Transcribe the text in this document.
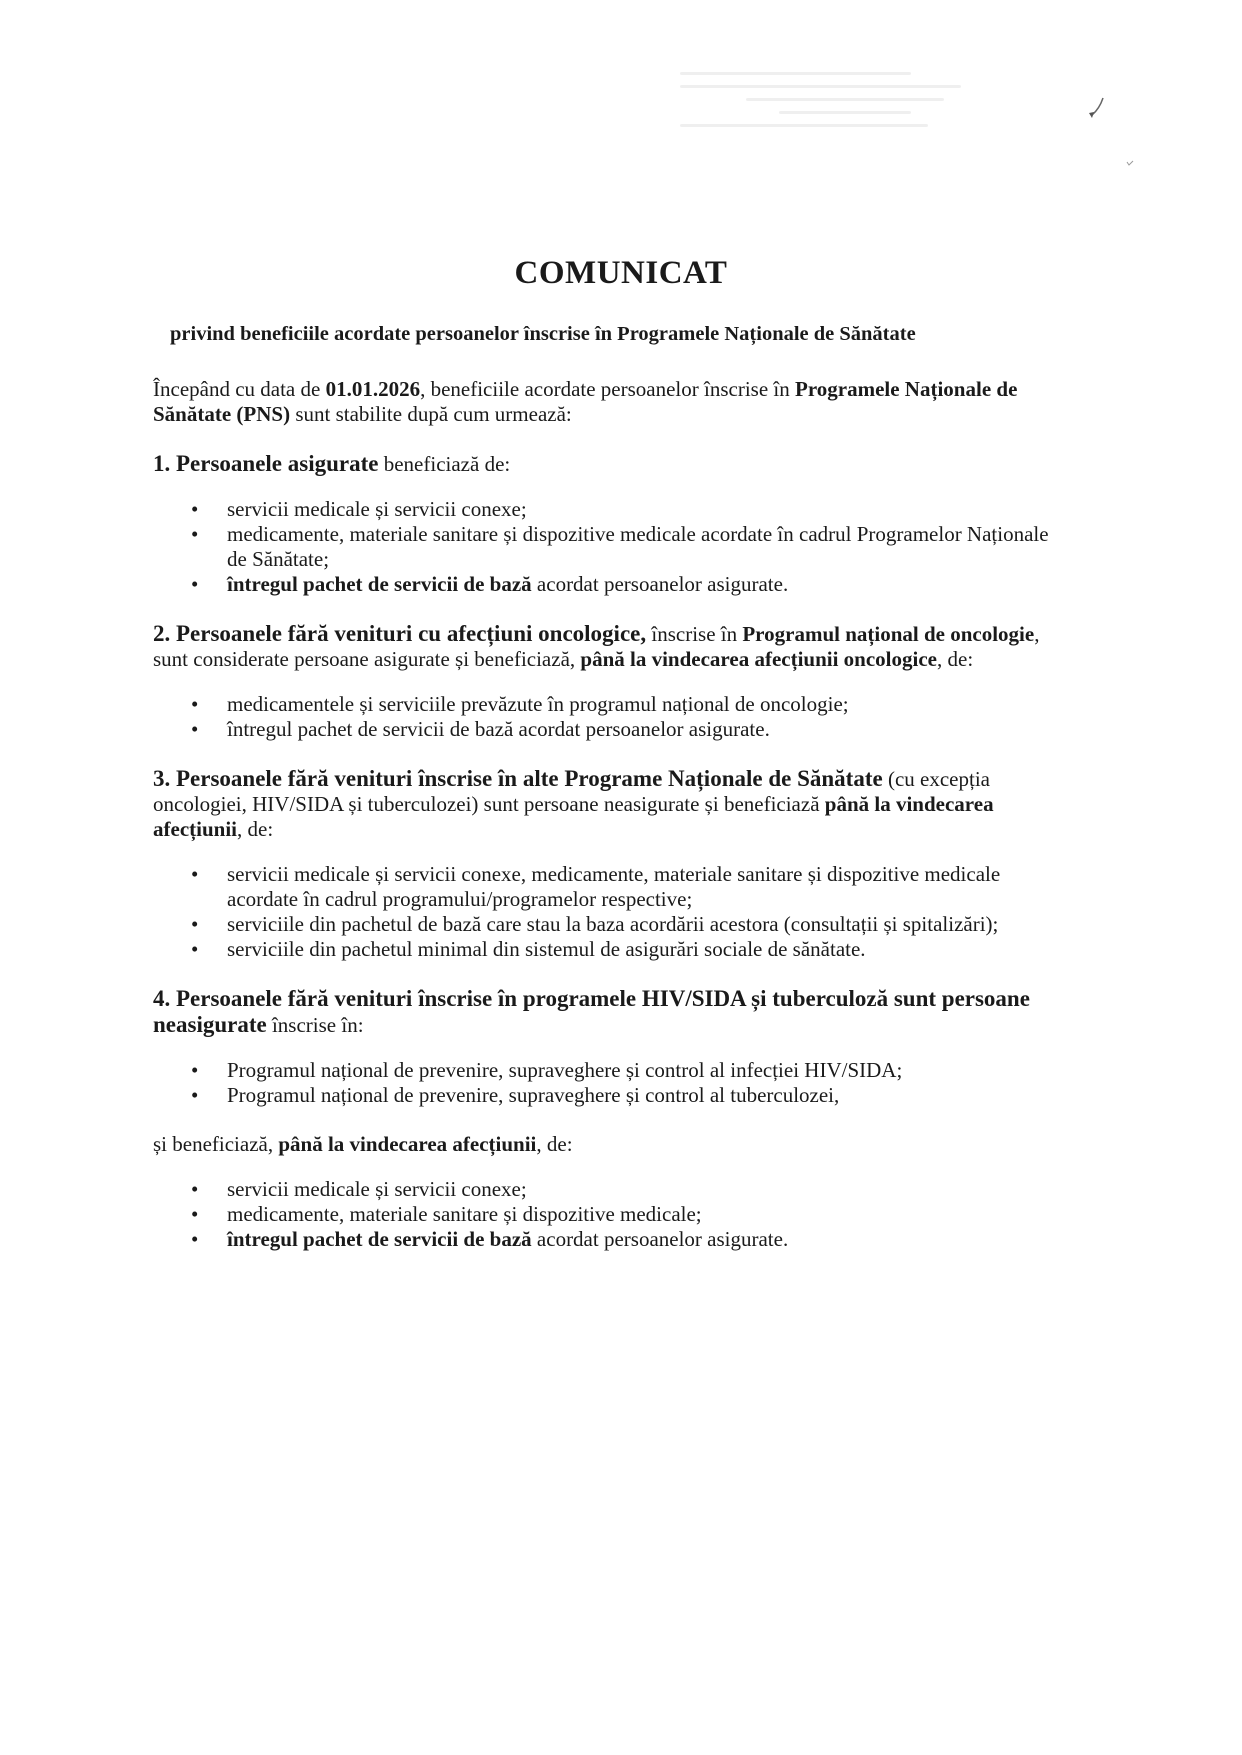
COMUNICAT
privind beneficiile acordate persoanelor înscrise în Programele Naționale de Sănătate

Începând cu data de 01.01.2026, beneficiile acordate persoanelor înscrise în Programele Naționale de Sănătate (PNS) sunt stabilite după cum urmează:

1. Persoanele asigurate beneficiază de:

• servicii medicale și servicii conexe;
• medicamente, materiale sanitare și dispozitive medicale acordate în cadrul Programelor Naționale de Sănătate;
• întregul pachet de servicii de bază acordat persoanelor asigurate.

2. Persoanele fără venituri cu afecțiuni oncologice, înscrise în Programul național de oncologie, sunt considerate persoane asigurate și beneficiază, până la vindecarea afecțiunii oncologice, de:

• medicamentele și serviciile prevăzute în programul național de oncologie;
• întregul pachet de servicii de bază acordat persoanelor asigurate.

3. Persoanele fără venituri înscrise în alte Programe Naționale de Sănătate (cu excepția oncologiei, HIV/SIDA și tuberculozei) sunt persoane neasigurate și beneficiază până la vindecarea afecțiunii, de:

• servicii medicale și servicii conexe, medicamente, materiale sanitare și dispozitive medicale acordate în cadrul programului/programelor respective;
• serviciile din pachetul de bază care stau la baza acordării acestora (consultații și spitalizări);
• serviciile din pachetul minimal din sistemul de asigurări sociale de sănătate.

4. Persoanele fără venituri înscrise în programele HIV/SIDA și tuberculoză sunt persoane neasigurate înscrise în:

• Programul național de prevenire, supraveghere și control al infecției HIV/SIDA;
• Programul național de prevenire, supraveghere și control al tuberculozei,

și beneficiază, până la vindecarea afecțiunii, de:

• servicii medicale și servicii conexe;
• medicamente, materiale sanitare și dispozitive medicale;
• întregul pachet de servicii de bază acordat persoanelor asigurate.
